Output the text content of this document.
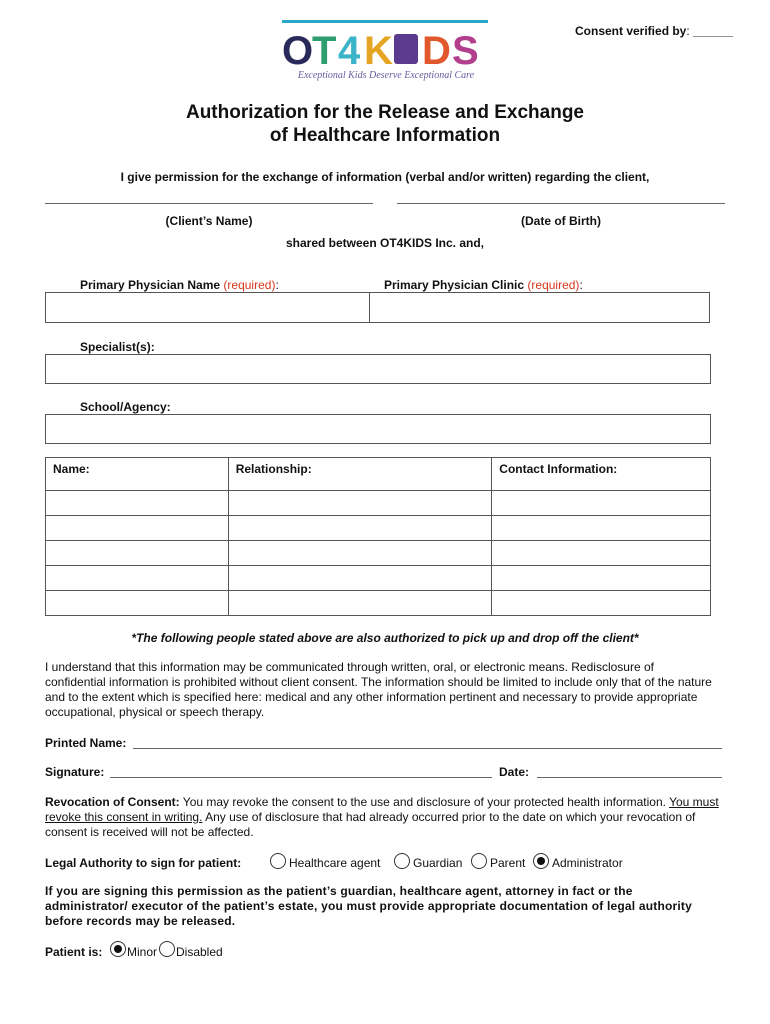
Consent verified by: ______
O
T 4 K D S
Exceptional Kids Deserve Exceptional Care
Authorization for the Release and Exchange
of Healthcare Information
I give permission for the exchange of information (verbal and/or written) regarding the client,
(Client’s Name)	(Date of Birth)
shared between OT4KIDS Inc. and,
Primary Physician Name (required):	Primary Physician Clinic (required):
Specialist(s):
School/Agency:
Name:	Relationship:	Contact Information:

*The following people stated above are also authorized to pick up and drop off the client*
I understand that this information may be communicated through written, oral, or electronic means. Redisclosure of confidential information is prohibited without client consent. The information should be limited to include only that of the nature and to the extent which is specified here: medical and any other information pertinent and necessary to provide appropriate occupational, physical or speech therapy.
Printed Name:
Signature:	Date:
Revocation of Consent: You may revoke the consent to the use and disclosure of your protected health information. You must revoke this consent in writing. Any use of disclosure that had already occurred prior to the date on which your revocation of consent is received will not be affected.
Legal Authority to sign for patient:	Healthcare agent	Guardian Parent Administrator
If you are signing this permission as the patient’s guardian, healthcare agent, attorney in fact or the administrator/ executor of the patient’s estate, you must provide appropriate documentation of legal authority before records may be released.
Patient is: Minor Disabled
